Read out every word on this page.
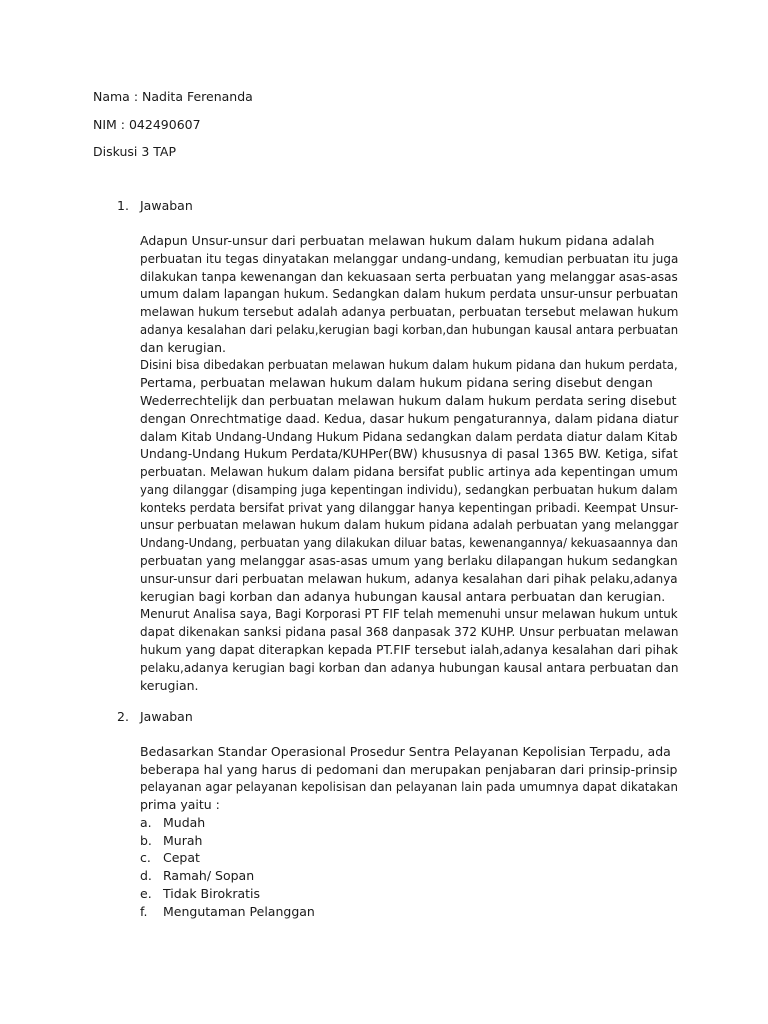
Nama : Nadita Ferenanda
NIM : 042490607
Diskusi 3 TAP
1. Jawaban
Adapun Unsur-unsur dari perbuatan melawan hukum dalam hukum pidana adalah
perbuatan itu tegas dinyatakan melanggar undang-undang, kemudian perbuatan itu juga
dilakukan tanpa kewenangan dan kekuasaan serta perbuatan yang melanggar asas-asas
umum dalam lapangan hukum. Sedangkan dalam hukum perdata unsur-unsur perbuatan
melawan hukum tersebut adalah adanya perbuatan, perbuatan tersebut melawan hukum
adanya kesalahan dari pelaku,kerugian bagi korban,dan hubungan kausal antara perbuatan
dan kerugian.
Disini bisa dibedakan perbuatan melawan hukum dalam hukum pidana dan hukum perdata,
Pertama, perbuatan melawan hukum dalam hukum pidana sering disebut dengan
Wederrechtelijk dan perbuatan melawan hukum dalam hukum perdata sering disebut
dengan Onrechtmatige daad. Kedua, dasar hukum pengaturannya, dalam pidana diatur
dalam Kitab Undang-Undang Hukum Pidana sedangkan dalam perdata diatur dalam Kitab
Undang-Undang Hukum Perdata/KUHPer(BW) khususnya di pasal 1365 BW. Ketiga, sifat
perbuatan. Melawan hukum dalam pidana bersifat public artinya ada kepentingan umum
yang dilanggar (disamping juga kepentingan individu), sedangkan perbuatan hukum dalam
konteks perdata bersifat privat yang dilanggar hanya kepentingan pribadi. Keempat Unsur-
unsur perbuatan melawan hukum dalam hukum pidana adalah perbuatan yang melanggar
Undang-Undang, perbuatan yang dilakukan diluar batas, kewenangannya/ kekuasaannya dan
perbuatan yang melanggar asas-asas umum yang berlaku dilapangan hukum sedangkan
unsur-unsur dari perbuatan melawan hukum, adanya kesalahan dari pihak pelaku,adanya
kerugian bagi korban dan adanya hubungan kausal antara perbuatan dan kerugian.
Menurut Analisa saya, Bagi Korporasi PT FIF telah memenuhi unsur melawan hukum untuk
dapat dikenakan sanksi pidana pasal 368 danpasak 372 KUHP. Unsur perbuatan melawan
hukum yang dapat diterapkan kepada PT.FIF tersebut ialah,adanya kesalahan dari pihak
pelaku,adanya kerugian bagi korban dan adanya hubungan kausal antara perbuatan dan
kerugian.
2. Jawaban
Bedasarkan Standar Operasional Prosedur Sentra Pelayanan Kepolisian Terpadu, ada
beberapa hal yang harus di pedomani dan merupakan penjabaran dari prinsip-prinsip
pelayanan agar pelayanan kepolisisan dan pelayanan lain pada umumnya dapat dikatakan
prima yaitu :
a. Mudah
b. Murah
c. Cepat
d. Ramah/ Sopan
e. Tidak Birokratis
f. Mengutaman Pelanggan
